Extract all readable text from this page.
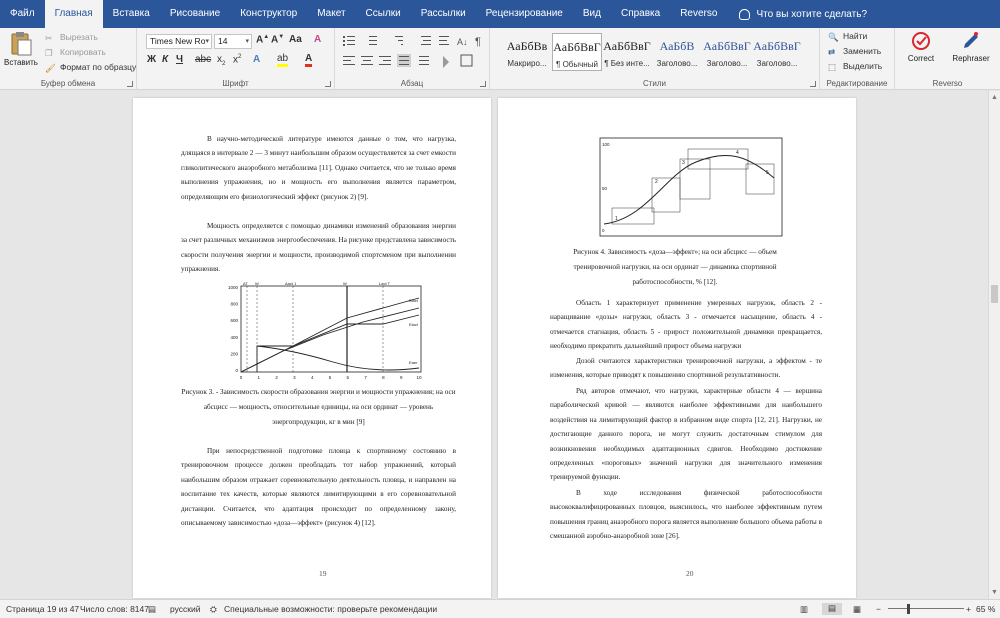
Файл	Главная	Вставка	Рисование	Конструктор	Макет	Ссылки	Рассылки	Рецензирование	Вид	Справка	Reverso	Что вы хотите сделать?
Вставить
✂ Вырезать
❐ Копировать
🖌 Формат по образцу
Буфер обмена
Times New Ro ▾	14	▾ A▲ A▼ Aa A
Ж К Ч abc $x_2$ $x^2$ A ab A
Шрифт
A↓ ¶
Абзац	Стили
АаБбВв
Макриро...
АаБбВвГ
¶ Обычный
АаБбВвГ
¶ Без инте...
АаБбВ
Заголово...
АаБбВвГ
Заголово...
АаБбВвГ
Заголово...
🔍 Найти
⇄ Заменить
⬚ Выделить
Редактирование
Correct	Rephraser
Reverso
В научно-методической литературе имеются данные о том, что нагрузка, длящаяся в интервале 2 — 3 минут наибольшим образом осуществляется за счет емкости гликолитического анаэробного метаболизма [11]. Однако считается, что не только время выполнения упражнения, но и мощность его выполнения является параметром, определяющим его физиологический эффект (рисунок 2) [9].
Мощность определяется с помощью динамики изменений образования энергии за счет различных механизмов энергообеспечения. На рисунке представлена зависимость скорости получения энергии и мощности, производимой спортсменом при выполнении упражнения.
1000
800
600
400
200
0
0	1	2	3	4	5	6	7	8	9	10
AT W	Aact 1	W	Lact T
Elact
Elact
Eaer
Рисунок 3. - Зависимость скорости образования энергии и мощности упражнения; на оси абсцисс — мощность, относительные единицы, на оси ординат — уровень энергопродукции, кг в мин [9]
При непосредственной подготовке пловца к спортивному состоянию в тренировочном процессе должен преобладать тот набор упражнений, который наибольшим образом отражает соревновательную деятельность пловца, и направлен на воспитание тех качеств, которые являются лимитирующими в его соревновательной дистанции. Считается, что адаптация происходит по определенному закону, описываемому зависимостью «доза—эффект» (рисунок 4) [12].
19
100
50
0
1
2
3
4
5
Рисунок 4. Зависимость «доза—эффект»; на оси абсцисс — объем тренировочной нагрузки, на оси ординат — динамика спортивной работоспособности, % [12].
Область 1 характеризует применение умеренных нагрузок, область 2 - наращивание «дозы» нагрузки, область 3 - отмечается насыщение, область 4 - отмечается стагнация, область 5 - прирост положительной динамики прекращается, необходимо прекратить дальнейший прирост объема нагрузки
Дозой считаются характеристики тренировочной нагрузки, а эффектом - те изменения, которые приводят к повышению спортивной результативности.
Ряд авторов отмечают, что нагрузки, характерные области 4 — вершина параболической кривой — являются наиболее эффективными для наибольшего воздействия на лимитирующий фактор в избранном виде спорта [12, 21]. Нагрузки, не достигающие данного порога, не могут служить достаточным стимулом для возникновения необходимых адаптационных сдвигов. Необходимо достижение определенных «пороговых» значений нагрузки для значительного изменения тренируемой функции.
В ходе исследования физической работоспособности высококвалифицированных пловцов, выяснилось, что наиболее эффективным путем повышения границ анаэробного порога является выполнение большого объема работы в смешанной аэробно-анаэробной зоне [26].
20
▲
▼
Страница 19 из 47 Число слов: 8147 ▤ русский ⛭ Специальные возможности: проверьте рекомендации	▥	▤	▦ −	+ 65 %
